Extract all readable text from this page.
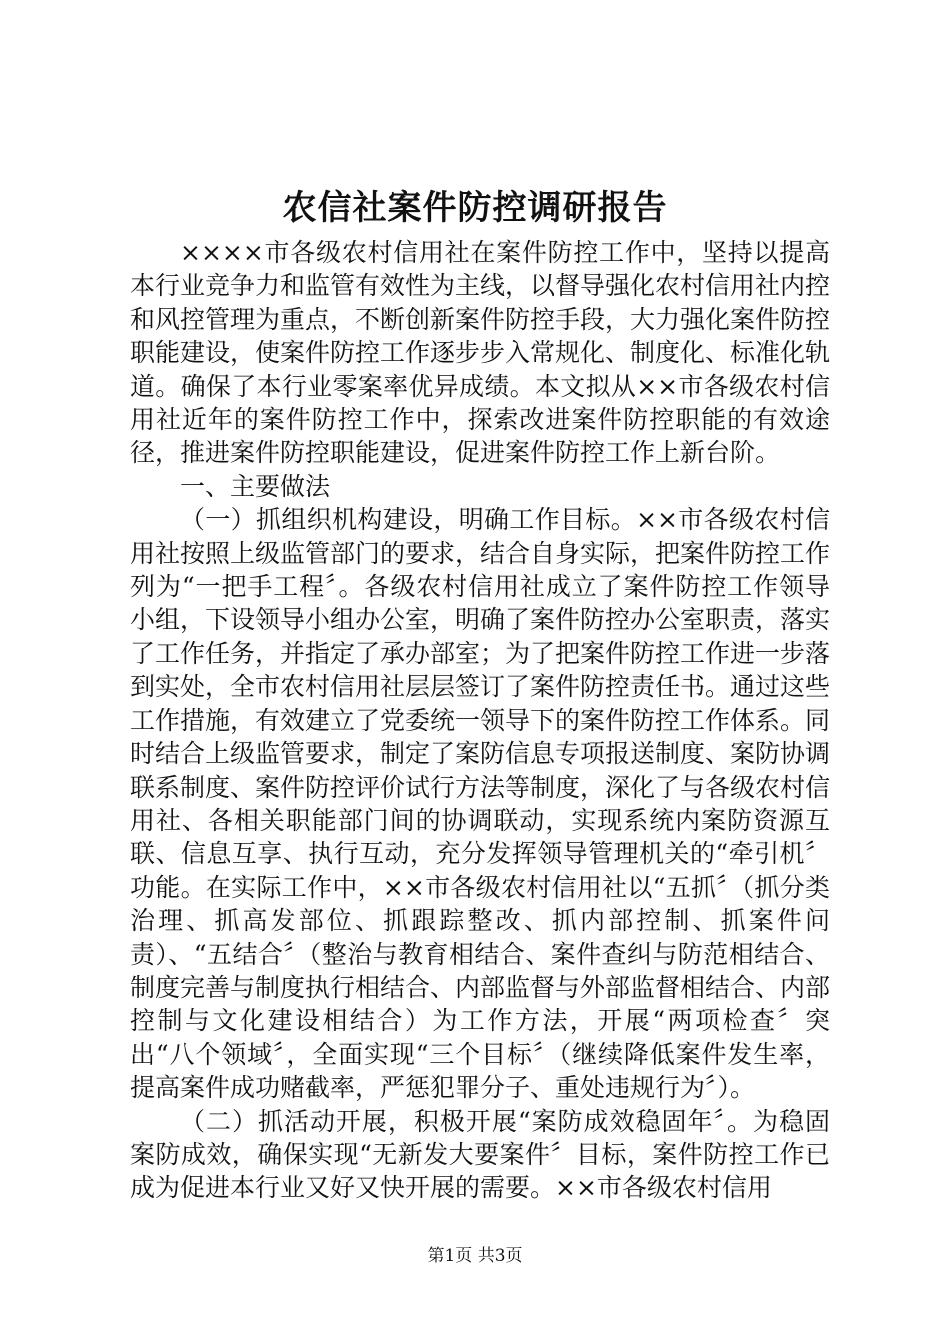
农信社案件防控调研报告

××××市各级农村信用社在案件防控工作中，坚持以提高本行业竞争力和监管有效性为主线，以督导强化农村信用社内控和风控管理为重点，不断创新案件防控手段，大力强化案件防控职能建设，使案件防控工作逐步步入常规化、制度化、标准化轨道。确保了本行业零案率优异成绩。本文拟从××市各级农村信用社近年的案件防控工作中，探索改进案件防控职能的有效途径，推进案件防控职能建设，促进案件防控工作上新台阶。

一、主要做法

（一）抓组织机构建设，明确工作目标。××市各级农村信用社按照上级监管部门的要求，结合自身实际，把案件防控工作列为“一把手工程〞。各级农村信用社成立了案件防控工作领导小组，下设领导小组办公室，明确了案件防控办公室职责，落实了工作任务，并指定了承办部室；为了把案件防控工作进一步落到实处，全市农村信用社层层签订了案件防控责任书。通过这些工作措施，有效建立了党委统一领导下的案件防控工作体系。同时结合上级监管要求，制定了案防信息专项报送制度、案防协调联系制度、案件防控评价试行方法等制度，深化了与各级农村信用社、各相关职能部门间的协调联动，实现系统内案防资源互联、信息互享、执行互动，充分发挥领导管理机关的“牵引机〞功能。在实际工作中，××市各级农村信用社以“五抓〞（抓分类治理、抓高发部位、抓跟踪整改、抓内部控制、抓案件问责）、“五结合〞（整治与教育相结合、案件查纠与防范相结合、制度完善与制度执行相结合、内部监督与外部监督相结合、内部控制与文化建设相结合）为工作方法，开展“两项检查〞突出“八个领域〞，全面实现“三个目标〞（继续降低案件发生率，提高案件成功赌截率，严惩犯罪分子、重处违规行为〞）。

（二）抓活动开展，积极开展“案防成效稳固年〞。为稳固案防成效，确保实现“无新发大要案件〞目标，案件防控工作已成为促进本行业又好又快开展的需要。××市各级农村信用

第1页 共3页
